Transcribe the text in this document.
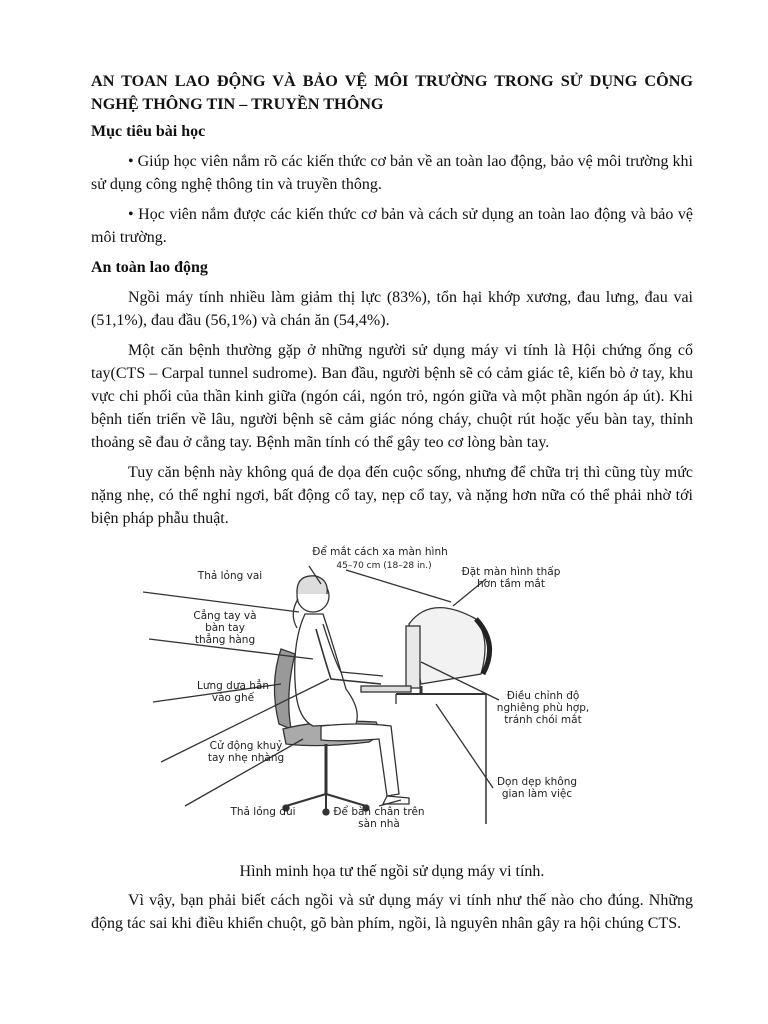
AN TOAN LAO ĐỘNG VÀ BẢO VỆ MÔI TRƯỜNG TRONG SỬ DỤNG CÔNG NGHỆ THÔNG TIN – TRUYỀN THÔNG
Mục tiêu bài học

• Giúp học viên nắm rõ các kiến thức cơ bản về an toàn lao động, bảo vệ môi trường khi sử dụng công nghệ thông tin và truyền thông.

• Học viên nắm được các kiến thức cơ bản và cách sử dụng an toàn lao động và bảo vệ môi trường.

An toàn lao động

Ngồi máy tính nhiều làm giảm thị lực (83%), tổn hại khớp xương, đau lưng, đau vai (51,1%), đau đầu (56,1%) và chán ăn (54,4%).

Một căn bệnh thường gặp ở những người sử dụng máy vi tính là Hội chứng ống cổ tay(CTS – Carpal tunnel sudrome). Ban đầu, người bệnh sẽ có cảm giác tê, kiến bò ở tay, khu vực chi phối của thần kinh giữa (ngón cái, ngón trỏ, ngón giữa và một phần ngón áp út). Khi bệnh tiến triển về lâu, người bệnh sẽ cảm giác nóng cháy, chuột rút hoặc yếu bàn tay, thỉnh thoảng sẽ đau ở cẳng tay. Bệnh mãn tính có thể gây teo cơ lòng bàn tay.

Tuy căn bệnh này không quá đe dọa đến cuộc sống, nhưng để chữa trị thì cũng tùy mức nặng nhẹ, có thể nghỉ ngơi, bất động cổ tay, nẹp cổ tay, và nặng hơn nữa có thể phải nhờ tới biện pháp phẫu thuật.

Để mắt cách xa màn hình
45–70 cm (18–28 in.)
Thả lỏng vai
Cẳng tay và bàn tay thẳng hàng
Lưng dựa hẳn vào ghế
Cử động khuỷ tay nhẹ nhàng
Thả lỏng đùi
Đặt màn hình thấp hơn tầm mắt
Điều chỉnh độ nghiêng phù hợp, tránh chói mắt
Dọn dẹp không gian làm việc
Để bàn chân trên sàn nhà

Hình minh họa tư thế ngồi sử dụng máy vi tính.

Vì vậy, bạn phải biết cách ngồi và sử dụng máy vi tính như thế nào cho đúng. Những động tác sai khi điều khiển chuột, gõ bàn phím, ngồi, là nguyên nhân gây ra hội chúng CTS.
